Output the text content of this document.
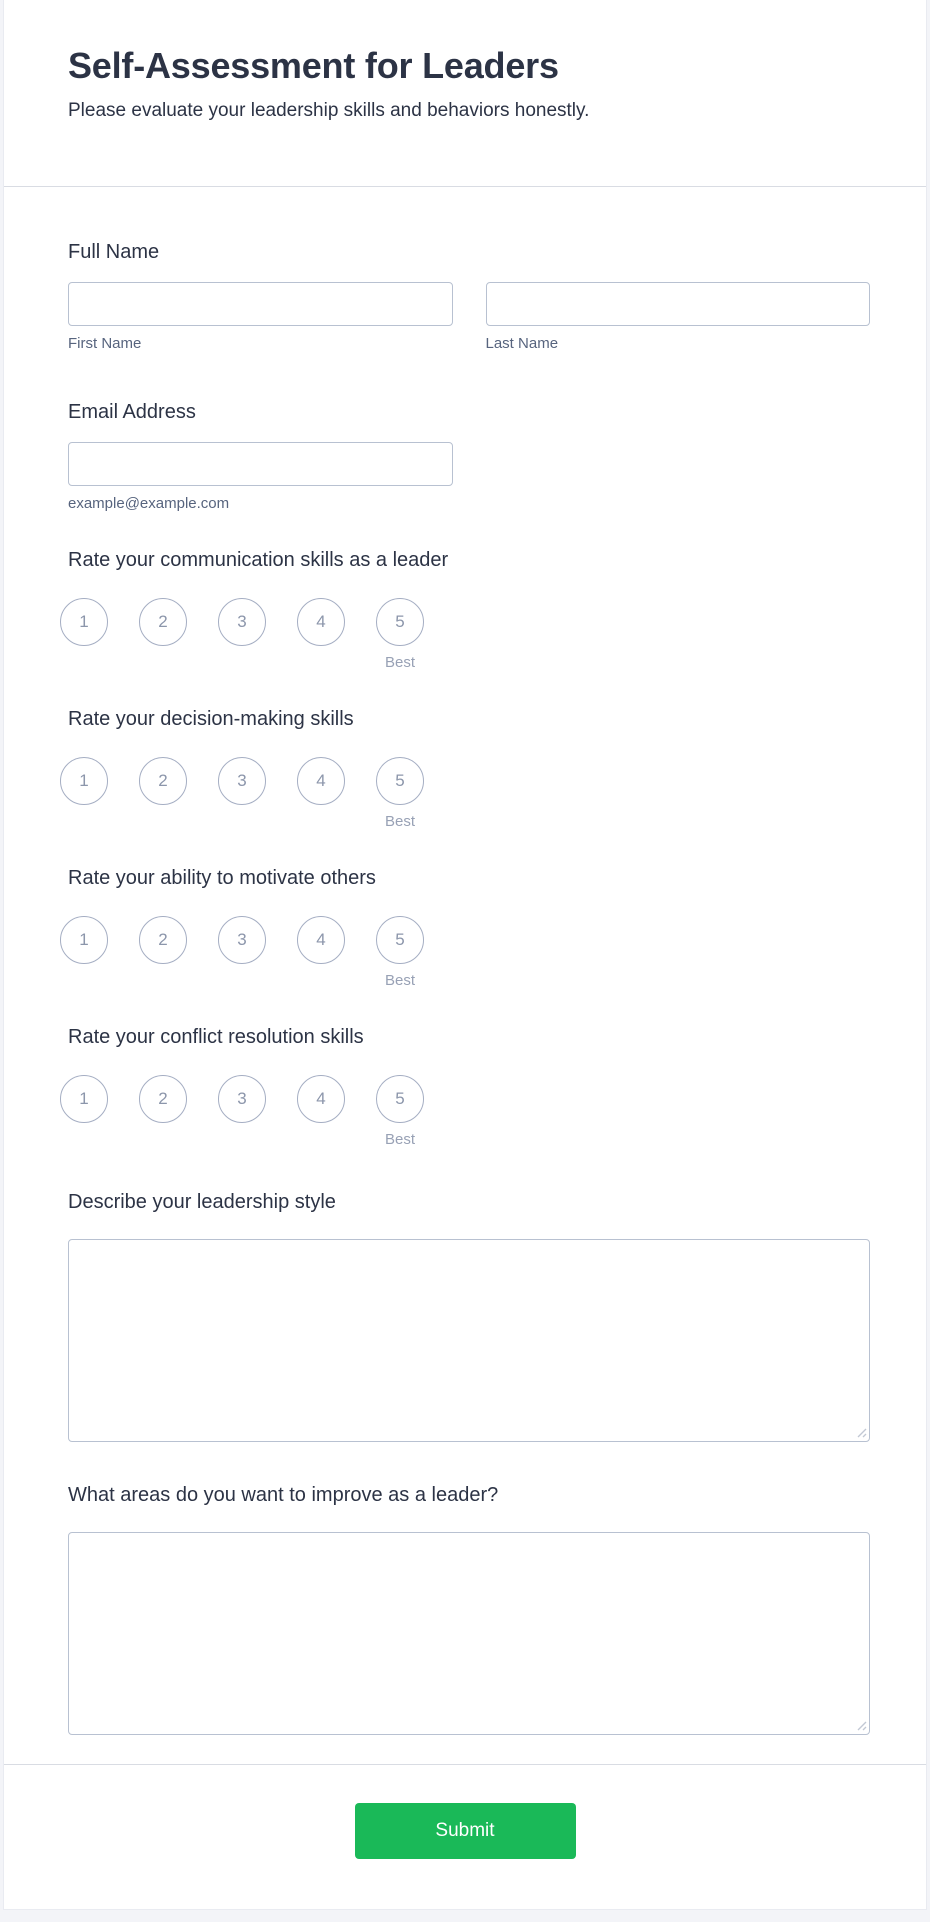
Self-Assessment for Leaders
Please evaluate your leadership skills and behaviors honestly.
Full Name
First Name	Last Name
Email Address
example@example.com
Rate your communication skills as a leader
1	2	3	4	5
Best
Rate your decision-making skills
1	2	3	4	5
Best
Rate your ability to motivate others
1	2	3	4	5
Best
Rate your conflict resolution skills
1	2	3	4	5
Best
Describe your leadership style
What areas do you want to improve as a leader?
Submit
